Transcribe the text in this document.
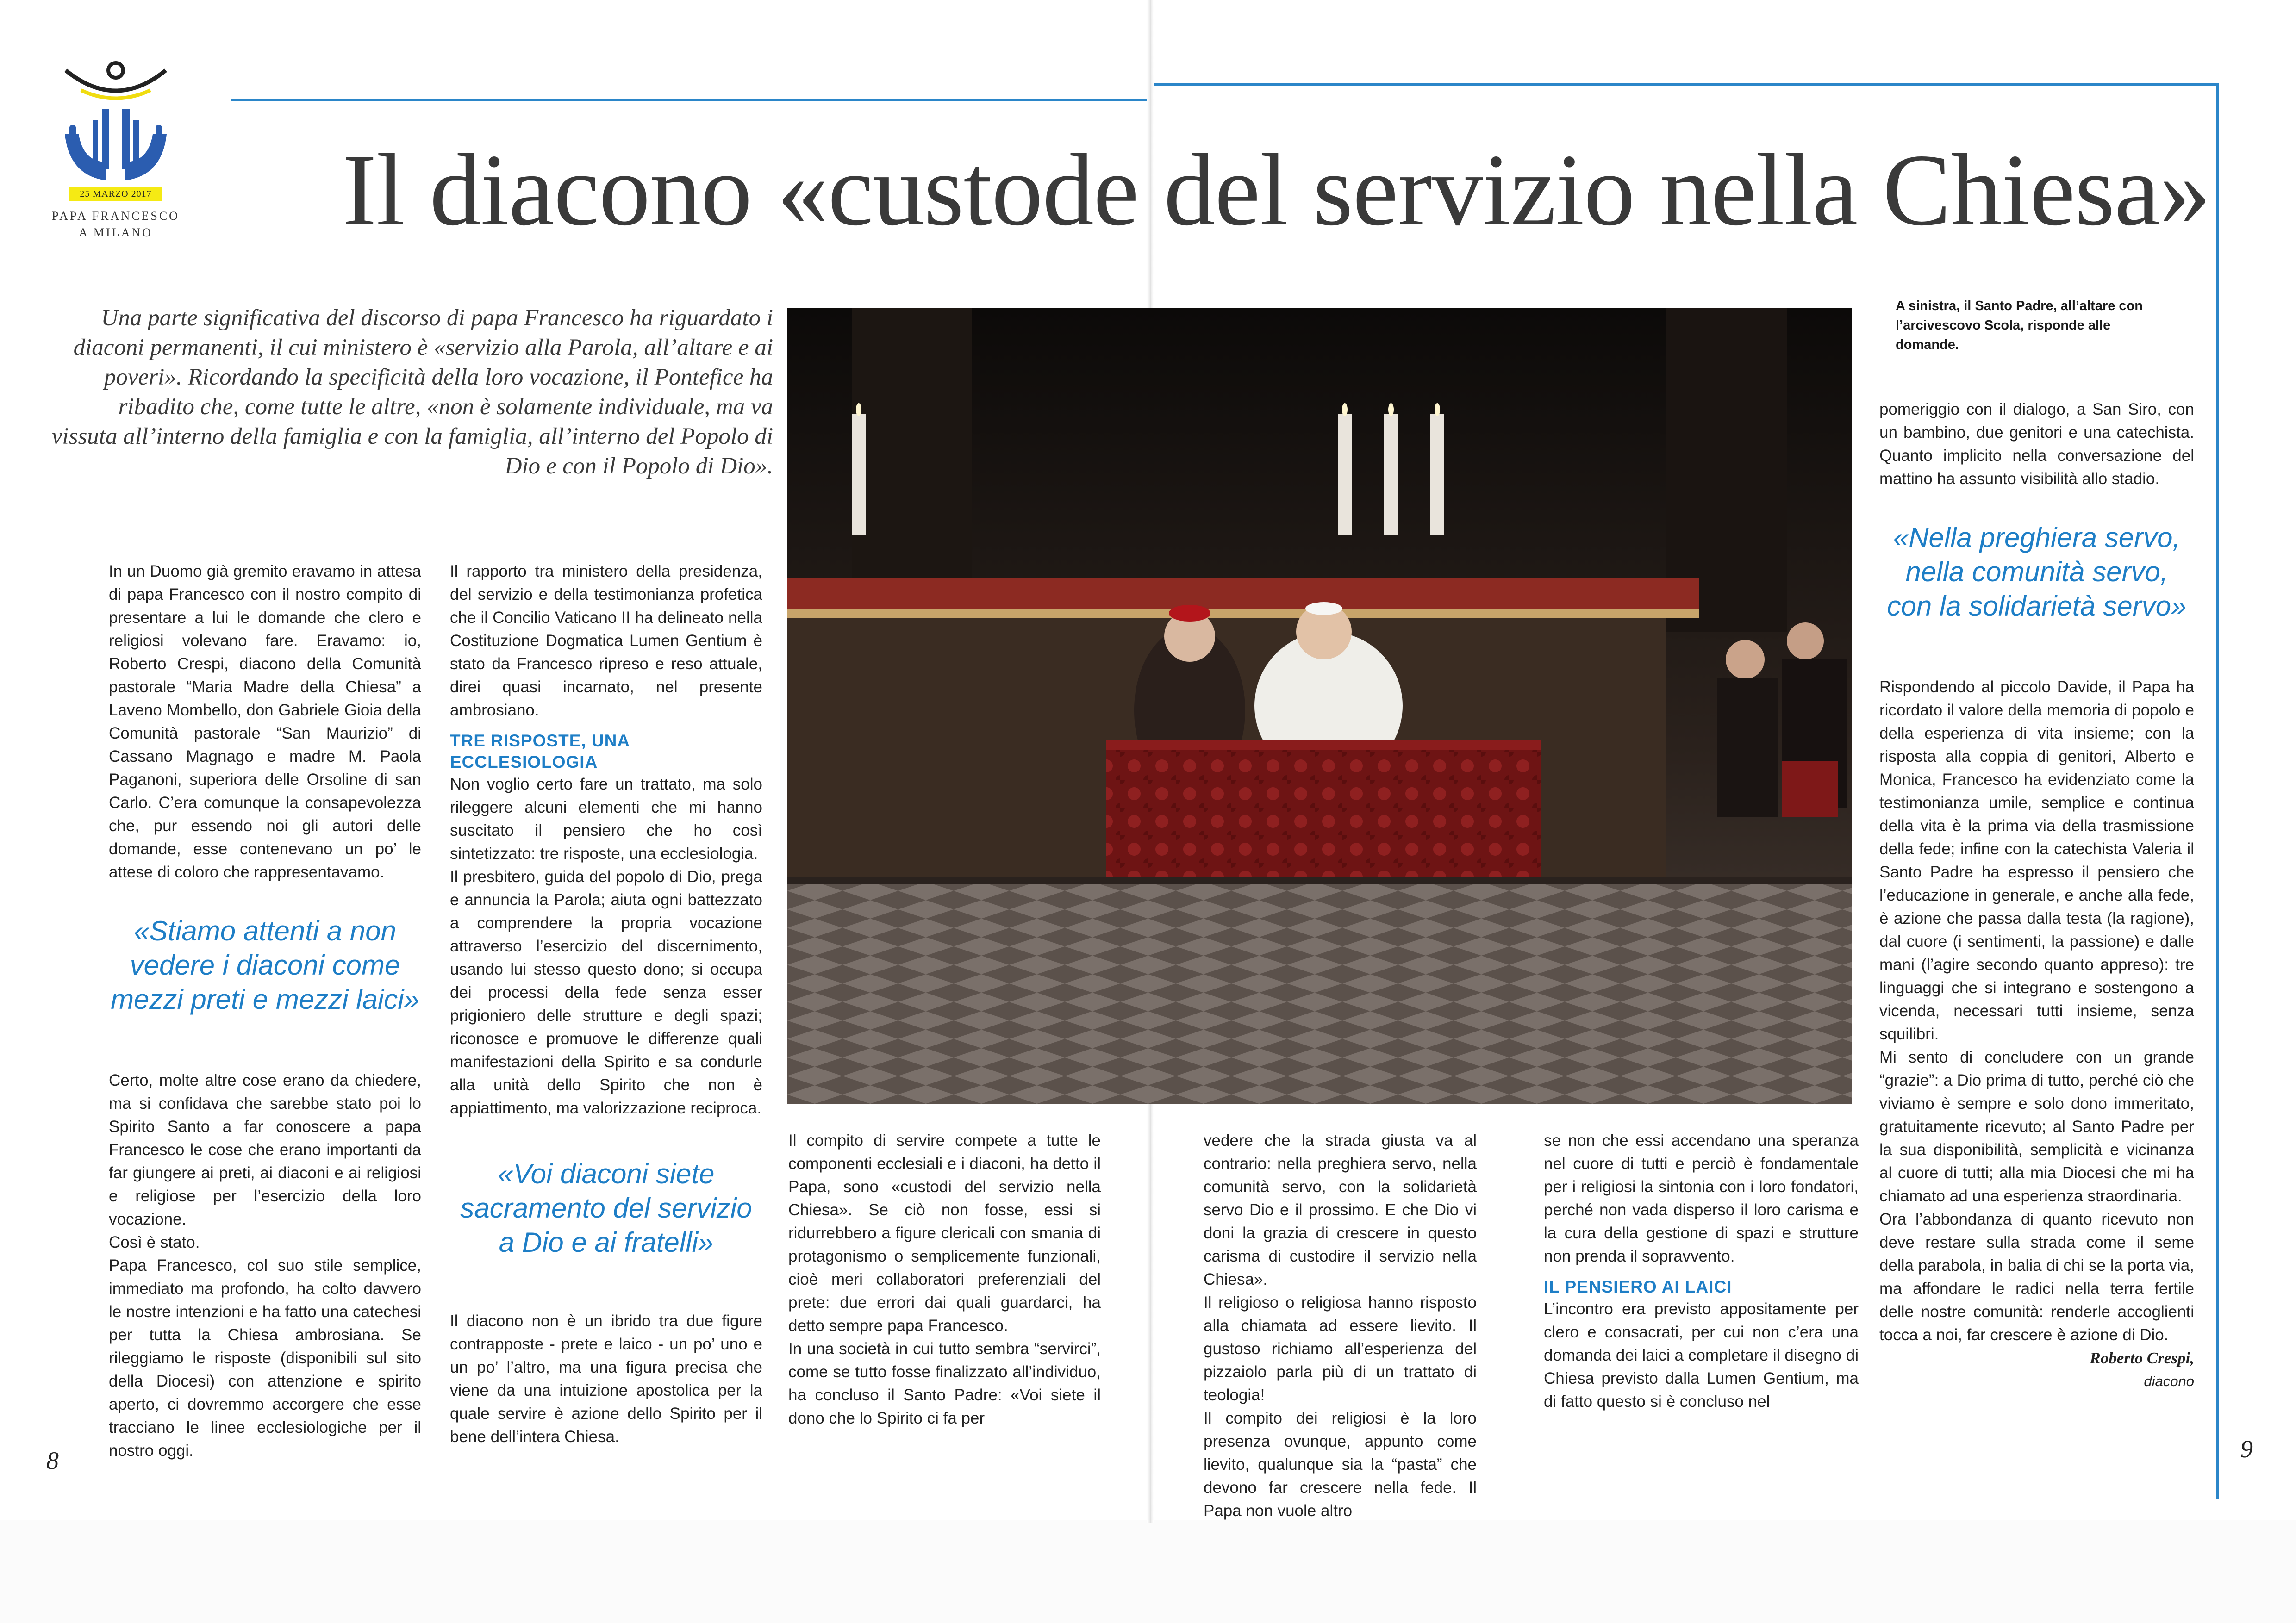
25 MARZO 2017
PAPA FRANCESCO
A MILANO	Il diacono «custode del servizio nella Chiesa»
Una parte significativa del discorso di papa Francesco ha riguardato i diaconi permanenti, il cui ministero è «servizio alla Parola, all’altare e ai poveri». Ricordando la specificità della loro vocazione, il Pontefice ha ribadito che, come tutte le altre, «non è solamente individuale, ma va vissuta all’interno della famiglia e con la famiglia, all’interno del Popolo di Dio e con il Popolo di Dio».
A sinistra, il Santo Padre, all’altare con l’arcivescovo Scola, risponde alle domande.

In un Duomo già gremito eravamo in attesa di papa Francesco con il nostro compito di presentare a lui le domande che clero e religiosi volevano fare. Eravamo: io, Roberto Crespi, diacono della Comunità pastorale “Maria Madre della Chiesa” a Laveno Mombello, don Gabriele Gioia della Comunità pastorale “San Maurizio” di Cassano Magnago e madre M. Paola Paganoni, superiora delle Orsoline di san Carlo. C’era comunque la consapevolezza che, pur essendo noi gli autori delle domande, esse contenevano un po’ le attese di coloro che rappresentavamo.

«Stiamo attenti a non vedere i diaconi come mezzi preti e mezzi laici»

Certo, molte altre cose erano da chiedere, ma si confidava che sarebbe stato poi lo Spirito Santo a far conoscere a papa Francesco le cose che erano importanti da far giungere ai preti, ai diaconi e ai religiosi e religiose per l’esercizio della loro vocazione.

Così è stato.

Papa Francesco, col suo stile semplice, immediato ma profondo, ha colto davvero le nostre intenzioni e ha fatto una catechesi per tutta la Chiesa ambrosiana. Se rileggiamo le risposte (disponibili sul sito della Diocesi) con attenzione e spirito aperto, ci dovremmo accorgere che esse tracciano le linee ecclesiologiche per il nostro oggi.

Il rapporto tra ministero della presidenza, del servizio e della testimonianza profetica che il Concilio Vaticano II ha delineato nella Costituzione Dogmatica Lumen Gentium è stato da Francesco ripreso e reso attuale, direi quasi incarnato, nel presente ambrosiano.

TRE RISPOSTE, UNA ECCLESIOLOGIA

Non voglio certo fare un trattato, ma solo rileggere alcuni elementi che mi hanno suscitato il pensiero che ho così sintetizzato: tre risposte, una ecclesiologia.

Il presbitero, guida del popolo di Dio, prega e annuncia la Parola; aiuta ogni battezzato a comprendere la propria vocazione attraverso l’esercizio del discernimento, usando lui stesso questo dono; si occupa dei processi della fede senza esser prigioniero delle strutture e degli spazi; riconosce e promuove le differenze quali manifestazioni della Spirito e sa condurle alla unità dello Spirito che non è appiattimento, ma valorizzazione reciproca.

«Voi diaconi siete sacramento del servizio a Dio e ai fratelli»

Il diacono non è un ibrido tra due figure contrapposte - prete e laico - un po’ uno e un po’ l’altro, ma una figura precisa che viene da una intuizione apostolica per la quale servire è azione dello Spirito per il bene dell’intera Chiesa.

Il compito di servire compete a tutte le componenti ecclesiali e i diaconi, ha detto il Papa, sono «custodi del servizio nella Chiesa». Se ciò non fosse, essi si ridurrebbero a figure clericali con smania di protagonismo o semplicemente funzionali, cioè meri collaboratori preferenziali del prete: due errori dai quali guardarci, ha detto sempre papa Francesco.

In una società in cui tutto sembra “servirci”, come se tutto fosse finalizzato all’individuo, ha concluso il Santo Padre: «Voi siete il dono che lo Spirito ci fa per

vedere che la strada giusta va al contrario: nella preghiera servo, nella comunità servo, con la solidarietà servo Dio e il prossimo. E che Dio vi doni la grazia di crescere in questo carisma di custodire il servizio nella Chiesa».

Il religioso o religiosa hanno risposto alla chiamata ad essere lievito. Il gustoso richiamo all’esperienza del pizzaiolo parla più di un trattato di teologia!

Il compito dei religiosi è la loro presenza ovunque, appunto come lievito, qualunque sia la “pasta” che devono far crescere nella fede. Il Papa non vuole altro

se non che essi accendano una speranza nel cuore di tutti e perciò è fondamentale per i religiosi la sintonia con i loro fondatori, perché non vada disperso il loro carisma e la cura della gestione di spazi e strutture non prenda il sopravvento.

IL PENSIERO AI LAICI

L’incontro era previsto appositamente per clero e consacrati, per cui non c’era una domanda dei laici a completare il disegno di Chiesa previsto dalla Lumen Gentium, ma di fatto questo si è concluso nel

pomeriggio con il dialogo, a San Siro, con un bambino, due genitori e una catechista. Quanto implicito nella conversazione del mattino ha assunto visibilità allo stadio.

«Nella preghiera servo, nella comunità servo, con la solidarietà servo»

Rispondendo al piccolo Davide, il Papa ha ricordato il valore della memoria di popolo e della esperienza di vita insieme; con la risposta alla coppia di genitori, Alberto e Monica, Francesco ha evidenziato come la testimonianza umile, semplice e continua della vita è la prima via della trasmissione della fede; infine con la catechista Valeria il Santo Padre ha espresso il pensiero che l’educazione in generale, e anche alla fede, è azione che passa dalla testa (la ragione), dal cuore (i sentimenti, la passione) e dalle mani (l’agire secondo quanto appreso): tre linguaggi che si integrano e sostengono a vicenda, necessari tutti insieme, senza squilibri.

Mi sento di concludere con un grande “grazie”: a Dio prima di tutto, perché ciò che viviamo è sempre e solo dono immeritato, gratuitamente ricevuto; al Santo Padre per la sua disponibilità, semplicità e vicinanza al cuore di tutti; alla mia Diocesi che mi ha chiamato ad una esperienza straordinaria.

Ora l’abbondanza di quanto ricevuto non deve restare sulla strada come il seme della parabola, in balia di chi se la porta via, ma affondare le radici nella terra fertile delle nostre comunità: renderle accoglienti tocca a noi, far crescere è azione di Dio.

Roberto Crespi,

diacono

8	9
